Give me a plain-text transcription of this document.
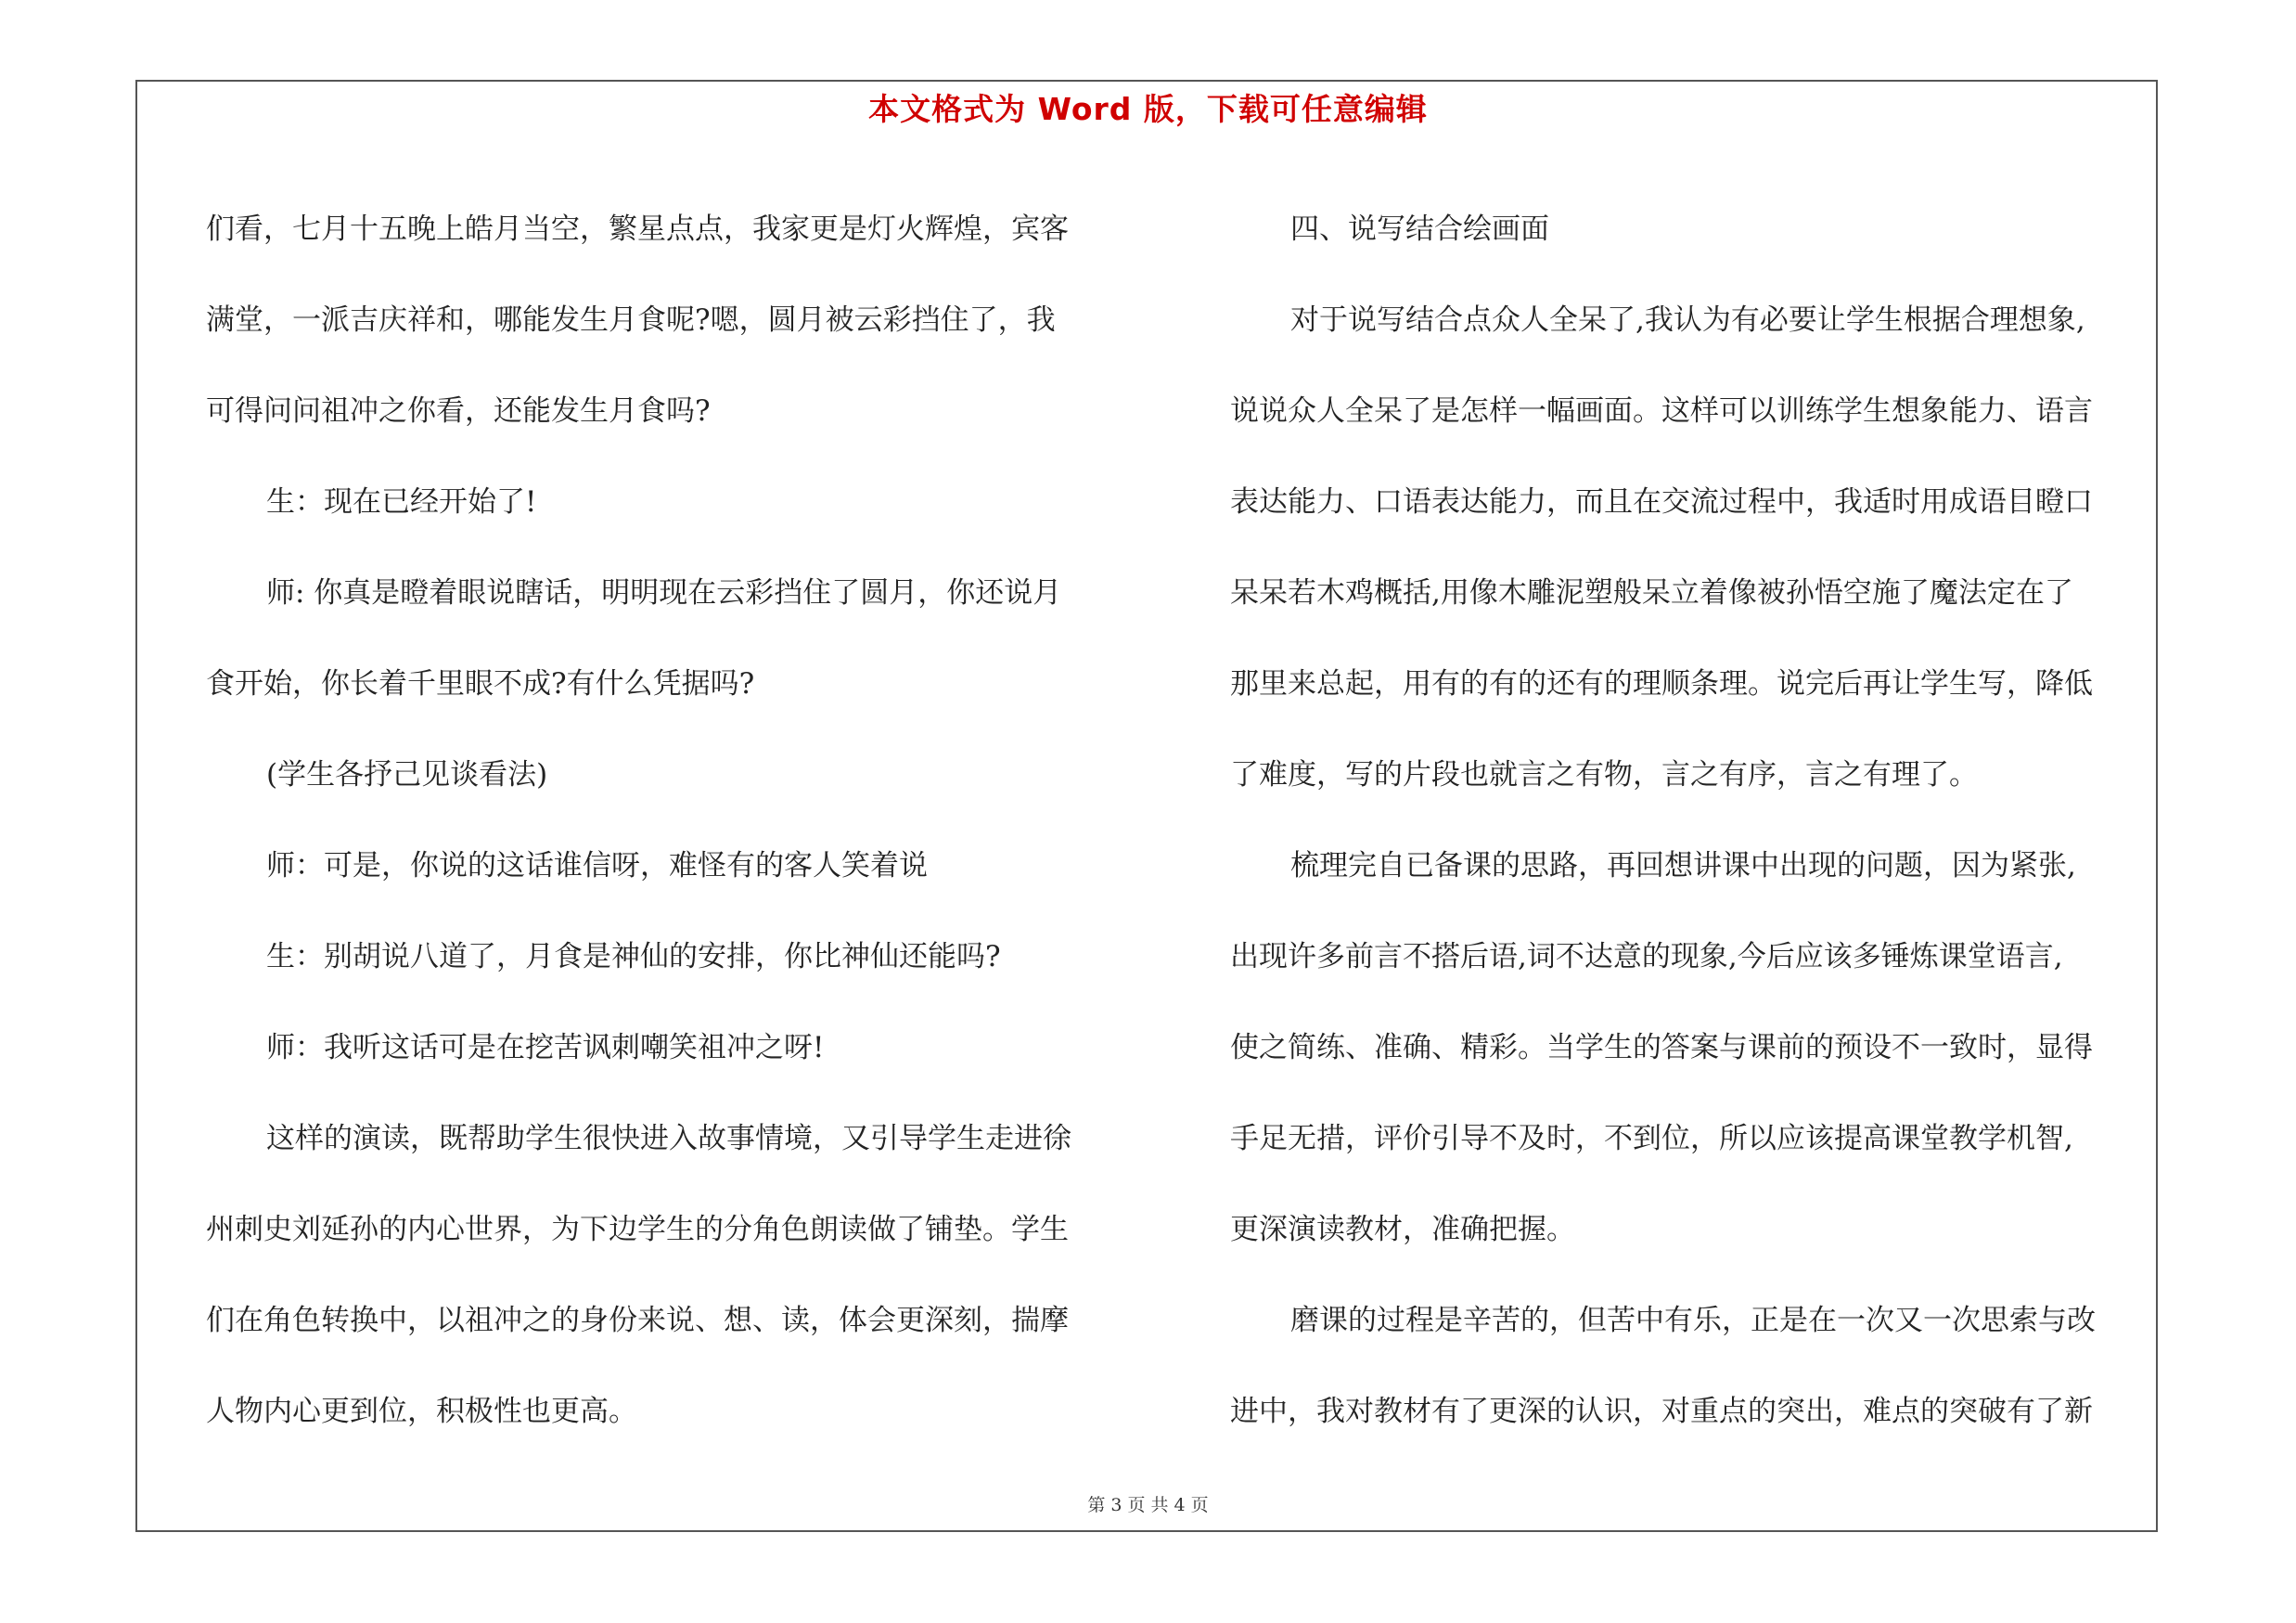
本文格式为 Word 版，下载可任意编辑
们看，七月十五晚上皓月当空，繁星点点，我家更是灯火辉煌，宾客
满堂，一派吉庆祥和，哪能发生月食呢?嗯，圆月被云彩挡住了，我
可得问问祖冲之你看，还能发生月食吗?
生：现在已经开始了!
师: 你真是瞪着眼说瞎话，明明现在云彩挡住了圆月，你还说月
食开始，你长着千里眼不成?有什么凭据吗?
(学生各抒己见谈看法)
师：可是，你说的这话谁信呀，难怪有的客人笑着说
生：别胡说八道了，月食是神仙的安排，你比神仙还能吗?
师：我听这话可是在挖苦讽刺嘲笑祖冲之呀!
这样的演读，既帮助学生很快进入故事情境，又引导学生走进徐
州刺史刘延孙的内心世界，为下边学生的分角色朗读做了铺垫。学生
们在角色转换中，以祖冲之的身份来说、想、读，体会更深刻，揣摩
人物内心更到位，积极性也更高。
四、说写结合绘画面
对于说写结合点众人全呆了,我认为有必要让学生根据合理想象,
说说众人全呆了是怎样一幅画面。这样可以训练学生想象能力、语言
表达能力、口语表达能力，而且在交流过程中，我适时用成语目瞪口
呆呆若木鸡概括,用像木雕泥塑般呆立着像被孙悟空施了魔法定在了
那里来总起，用有的有的还有的理顺条理。说完后再让学生写，降低
了难度，写的片段也就言之有物，言之有序，言之有理了。
梳理完自已备课的思路，再回想讲课中出现的问题，因为紧张,
出现许多前言不搭后语,词不达意的现象,今后应该多锤炼课堂语言,
使之简练、准确、精彩。当学生的答案与课前的预设不一致时，显得
手足无措，评价引导不及时，不到位，所以应该提高课堂教学机智,
更深演读教材，准确把握。
磨课的过程是辛苦的，但苦中有乐，正是在一次又一次思索与改
进中，我对教材有了更深的认识，对重点的突出，难点的突破有了新
第 3 页 共 4 页
